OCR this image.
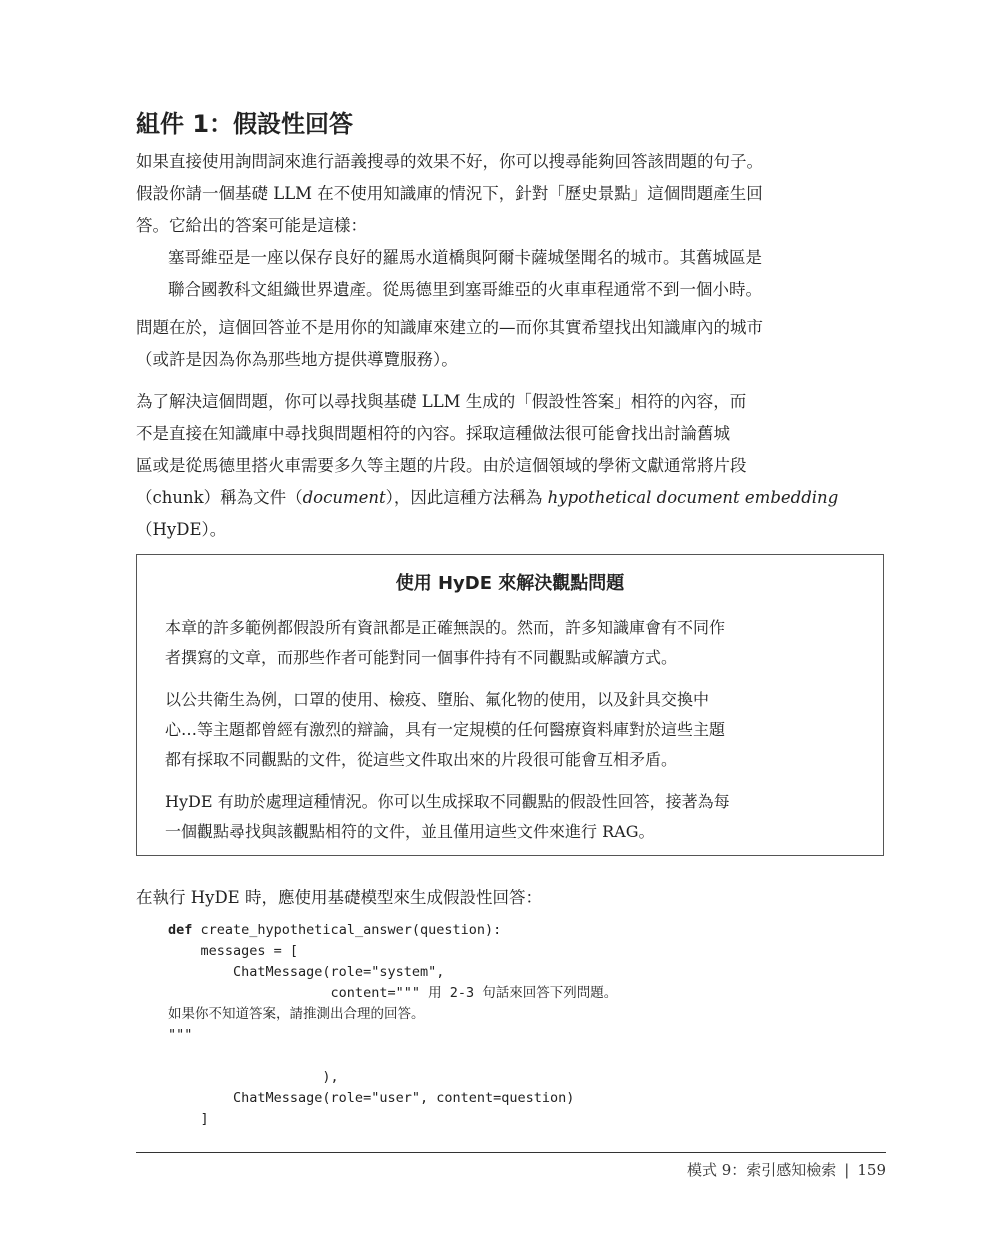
組件 1：假設性回答

如果直接使用詢問詞來進行語義搜尋的效果不好，你可以搜尋能夠回答該問題的句子。

假設你請一個基礎 LLM 在不使用知識庫的情況下，針對「歷史景點」這個問題產生回

答。它給出的答案可能是這樣：

塞哥維亞是一座以保存良好的羅馬水道橋與阿爾卡薩城堡聞名的城市。其舊城區是

聯合國教科文組織世界遺產。從馬德里到塞哥維亞的火車車程通常不到一個小時。

問題在於，這個回答並不是用你的知識庫來建立的—而你其實希望找出知識庫內的城市

（或許是因為你為那些地方提供導覽服務）。

為了解決這個問題，你可以尋找與基礎 LLM 生成的「假設性答案」相符的內容，而

不是直接在知識庫中尋找與問題相符的內容。採取這種做法很可能會找出討論舊城

區或是從馬德里搭火車需要多久等主題的片段。由於這個領域的學術文獻通常將片段

（chunk）稱為文件（document），因此這種方法稱為 hypothetical document embedding

（HyDE）。

使用 HyDE 來解決觀點問題

本章的許多範例都假設所有資訊都是正確無誤的。然而，許多知識庫會有不同作

者撰寫的文章，而那些作者可能對同一個事件持有不同觀點或解讀方式。

以公共衛生為例，口罩的使用、檢疫、墮胎、氟化物的使用，以及針具交換中

心…等主題都曾經有激烈的辯論，具有一定規模的任何醫療資料庫對於這些主題

都有採取不同觀點的文件，從這些文件取出來的片段很可能會互相矛盾。

HyDE 有助於處理這種情況。你可以生成採取不同觀點的假設性回答，接著為每

一個觀點尋找與該觀點相符的文件，並且僅用這些文件來進行 RAG。

在執行 HyDE 時，應使用基礎模型來生成假設性回答：

def create_hypothetical_answer(question):
messages = [
ChatMessage(role="system",
content=""" 用 2-3 句話來回答下列問題。
如果你不知道答案，請推測出合理的回答。
"""

),
ChatMessage(role="user", content=question)
]
模式 9：索引感知檢索 | 159
